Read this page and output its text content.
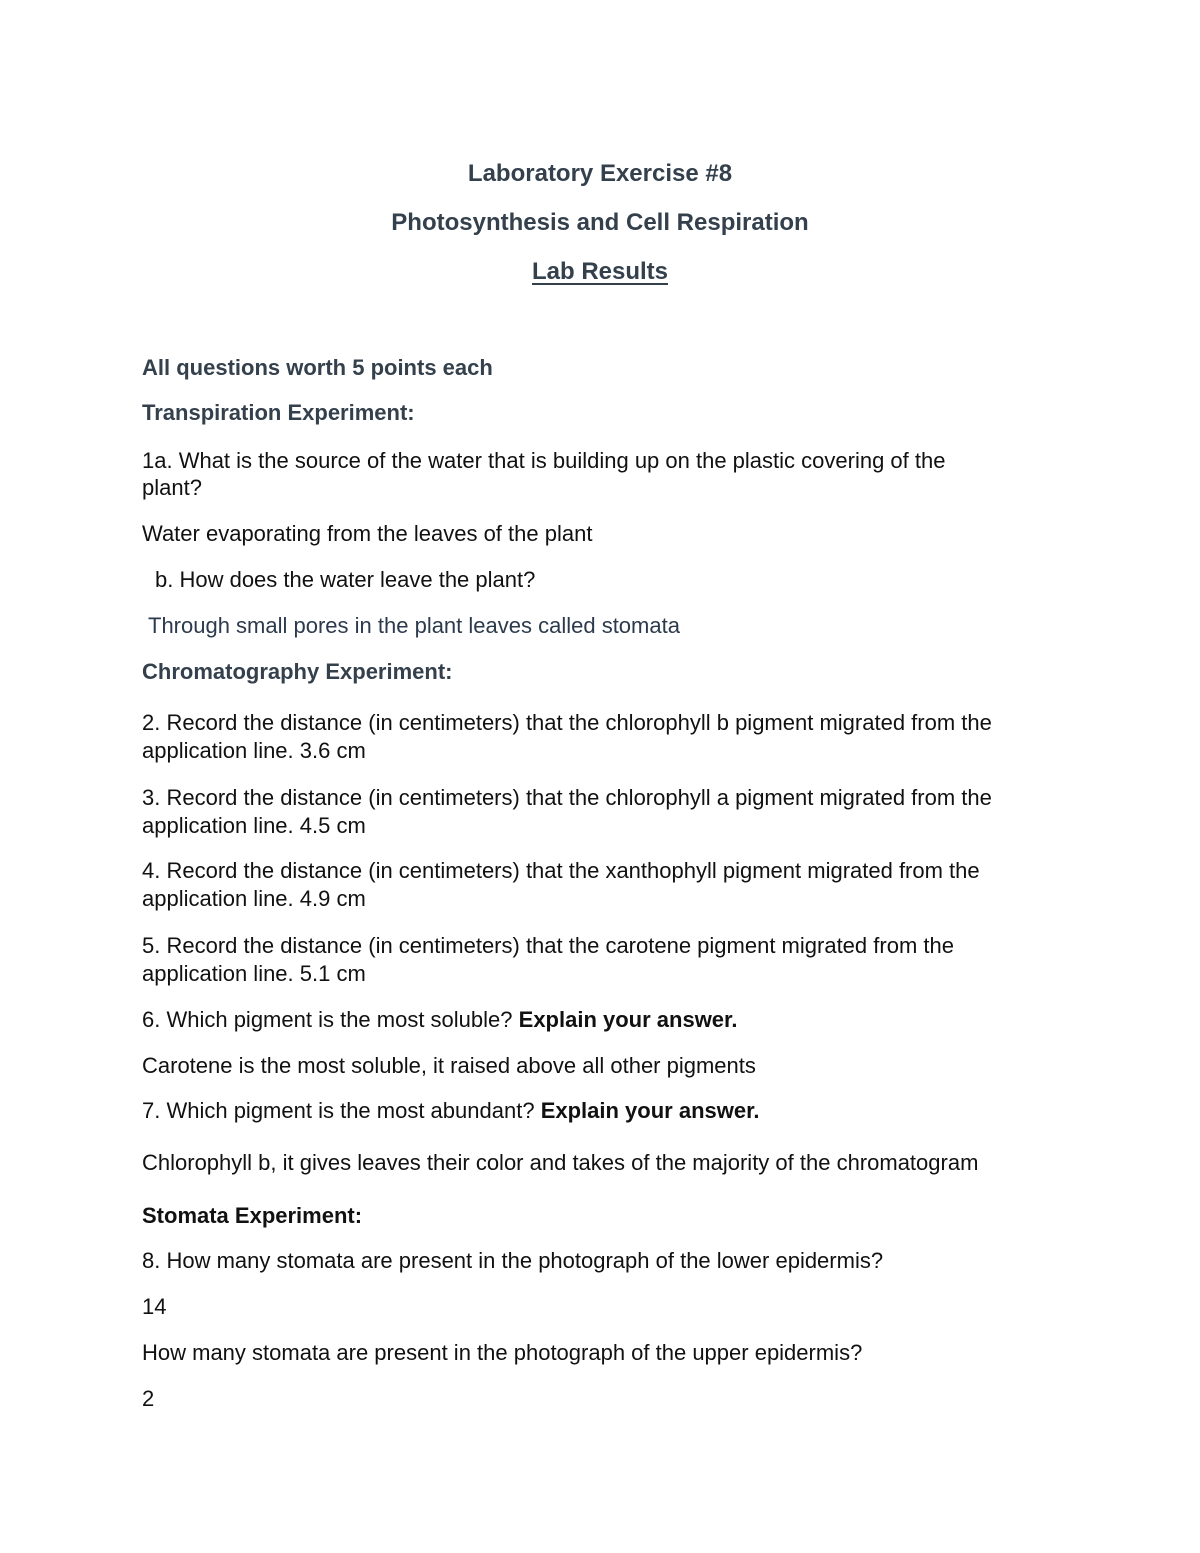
Laboratory Exercise #8
Photosynthesis and Cell Respiration
Lab Results
All questions worth 5 points each
Transpiration Experiment:
1a. What is the source of the water that is building up on the plastic covering of the
plant?
Water evaporating from the leaves of the plant
b. How does the water leave the plant?
Through small pores in the plant leaves called stomata
Chromatography Experiment:
2. Record the distance (in centimeters) that the chlorophyll b pigment migrated from the
application line. 3.6 cm
3. Record the distance (in centimeters) that the chlorophyll a pigment migrated from the
application line. 4.5 cm
4. Record the distance (in centimeters) that the xanthophyll pigment migrated from the
application line. 4.9 cm
5. Record the distance (in centimeters) that the carotene pigment migrated from the
application line. 5.1 cm
6. Which pigment is the most soluble? Explain your answer.
Carotene is the most soluble, it raised above all other pigments
7. Which pigment is the most abundant? Explain your answer.
Chlorophyll b, it gives leaves their color and takes of the majority of the chromatogram
Stomata Experiment:
8. How many stomata are present in the photograph of the lower epidermis?
14
How many stomata are present in the photograph of the upper epidermis?
2
